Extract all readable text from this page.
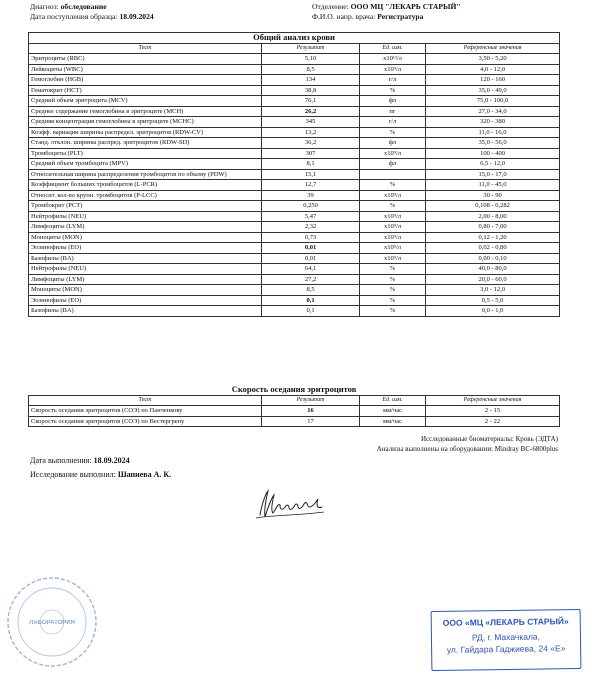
Диагноз: обследование	Отделение: ООО МЦ "ЛЕКАРЬ СТАРЫЙ"
Дата поступления образца: 18.09.2024	Ф.И.О. напр. врача: Регистратура
Общий анализ крови			
Тест	Результат	Ед. изм.	Референсные значения
Эритроциты (RBC)	5,10	x10¹²/л	3,50 - 5,20
Лейкоциты (WBC)	8,5	x10⁹/л	4,0 - 12,0
Гемоглобин (HGB)	134	г/л	120 - 160
Гематокрит (HCT)	38,8	%	35,0 - 49,0
Средний объем эритроцита (MCV)	76,1	фл	75,0 - 100,0
Среднее содержание гемоглобина в эритроците (MCH)	26,2	пг	27,0 - 34,0
Средняя концентрация гемоглобина в эритроците (MCHC)	345	г/л	320 - 380
Коэфф. вариации ширины распредел. эритроцитов (RDW-CV)	13,2	%	11,0 - 16,0
Станд. отклон. ширины распред. эритроцитов (RDW-SD)	36,2	фл	35,0 - 56,0
Тромбоциты (PLT)	307	x10⁹/л	100 - 400
Средний объем тромбоцита (MPV)	8,1	фл	6,5 - 12,0
Относительная ширина распределения тромбоцитов по объему (PDW)	15,1		15,0 - 17,0
Коэффициент больших тромбоцитов (L-PCR)	12,7	%	11,0 - 45,0
Относит. кол-во крупн. тромбоцитов (P-LCC)	39	x10⁹/л	30 - 90
Тромбокрит (PCT)	0,250	%	0,108 - 0,282
Нейтрофилы (NEU)	5,47	x10⁹/л	2,00 - 8,00
Лимфоциты (LYM)	2,32	x10⁹/л	0,80 - 7,00
Моноциты (MON)	0,73	x10⁹/л	0,12 - 1,20
Эозинофилы (EO)	0,01	x10⁹/л	0,02 - 0,80
Базофилы (BA)	0,01	x10⁹/л	0,00 - 0,10
Нейтрофилы (NEU)	64,1	%	40,0 - 80,0
Лимфоциты (LYM)	27,2	%	20,0 - 60,0
Моноциты (MON)	8,5	%	3,0 - 12,0
Эозинофилы (EO)	0,1	%	0,5 - 5,0
Базофилы (BA)	0,1	%	0,0 - 1,0
Скорость оседания эритроцитов			
Тест	Результат	Ед. изм.	Референсные значения
Скорость оседания эритроцитов (СОЭ) по Панченкову	16	мм/час	2 - 15
Скорость оседания эритроцитов (СОЭ) по Вестергрену	17	мм/час	2 - 22
Исследованные биоматериалы: Кровь (ЭДТА)
Анализы выполнены на оборудовании: Mindray BC-6800plus
Дата выполнения: 18.09.2024
Исследование выполнил: Шапиева А. К.
ЛАБОРАТОРИЯ	ООО «МЦ «ЛЕКАРЬ СТАРЫЙ»
РД, г. Махачкала,
ул. Гайдара Гаджиева, 24 «Е»
